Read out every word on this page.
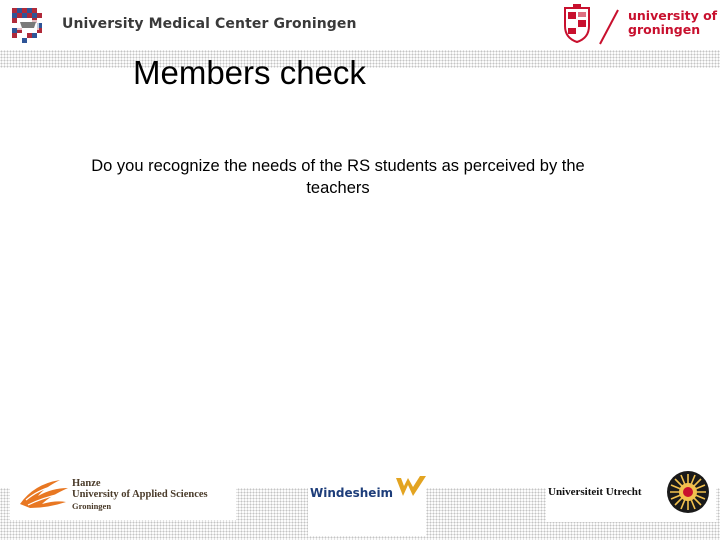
University Medical Center Groningen
university of
groningen
Members check
Do you recognize the needs of the RS students as perceived by the teachers
Hanze
University of Applied Sciences
Groningen
Windesheim	Universiteit Utrecht
